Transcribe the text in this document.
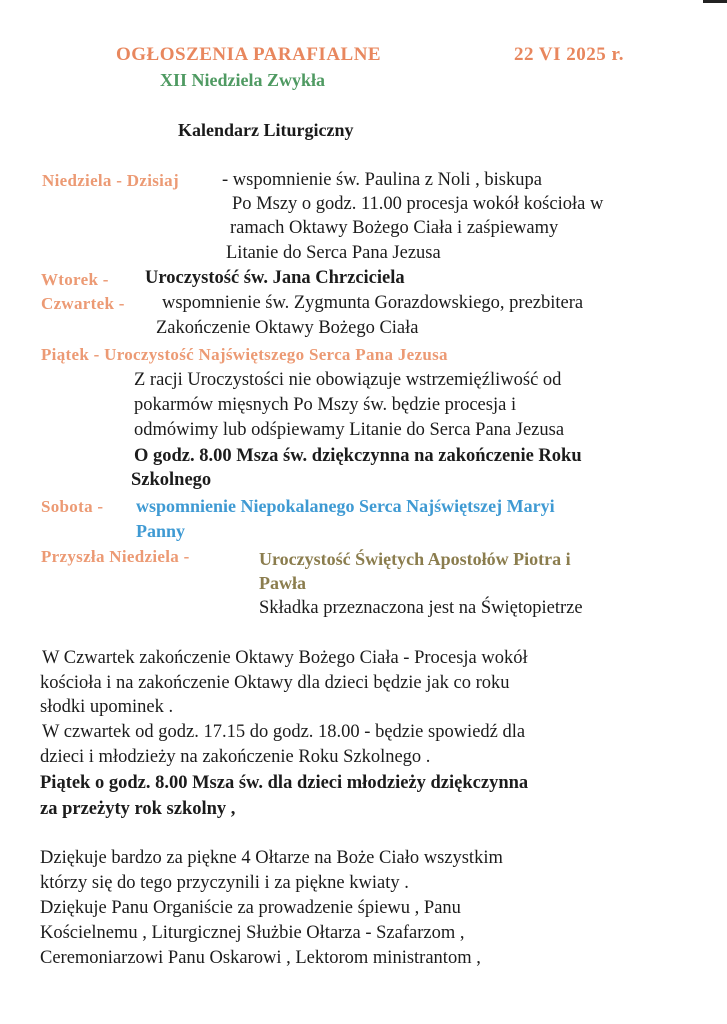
OGŁOSZENIA PARAFIALNE	22 VI 2025 r.
XII Niedziela Zwykła
Kalendarz Liturgiczny
Niedziela - Dzisiaj - wspomnienie św. Paulina z Noli , biskupa
Po Mszy o godz. 11.00 procesja wokół kościoła w
ramach Oktawy Bożego Ciała i zaśpiewamy
Litanie do Serca Pana Jezusa
Wtorek - Uroczystość św. Jana Chrzciciela
Czwartek - wspomnienie św. Zygmunta Gorazdowskiego, prezbitera
Zakończenie Oktawy Bożego Ciała
Piątek - Uroczystość Najświętszego Serca Pana Jezusa
Z racji Uroczystości nie obowiązuje wstrzemięźliwość od
pokarmów mięsnych Po Mszy św. będzie procesja i
odmówimy lub odśpiewamy Litanie do Serca Pana Jezusa
O godz. 8.00 Msza św. dziękczynna na zakończenie Roku
Szkolnego
Sobota - wspomnienie Niepokalanego Serca Najświętszej Maryi
Panny
Przyszła Niedziela -	Uroczystość Świętych Apostołów Piotra i
Pawła
Składka przeznaczona jest na Świętopietrze
W Czwartek zakończenie Oktawy Bożego Ciała - Procesja wokół
kościoła i na zakończenie Oktawy dla dzieci będzie jak co roku
słodki upominek .
W czwartek od godz. 17.15 do godz. 18.00 - będzie spowiedź dla
dzieci i młodzieży na zakończenie Roku Szkolnego .
Piątek o godz. 8.00 Msza św. dla dzieci młodzieży dziękczynna
za przeżyty rok szkolny ,
Dziękuje bardzo za piękne 4 Ołtarze na Boże Ciało wszystkim
którzy się do tego przyczynili i za piękne kwiaty .
Dziękuje Panu Organiście za prowadzenie śpiewu , Panu
Kościelnemu , Liturgicznej Służbie Ołtarza - Szafarzom ,
Ceremoniarzowi Panu Oskarowi , Lektorom ministrantom ,
